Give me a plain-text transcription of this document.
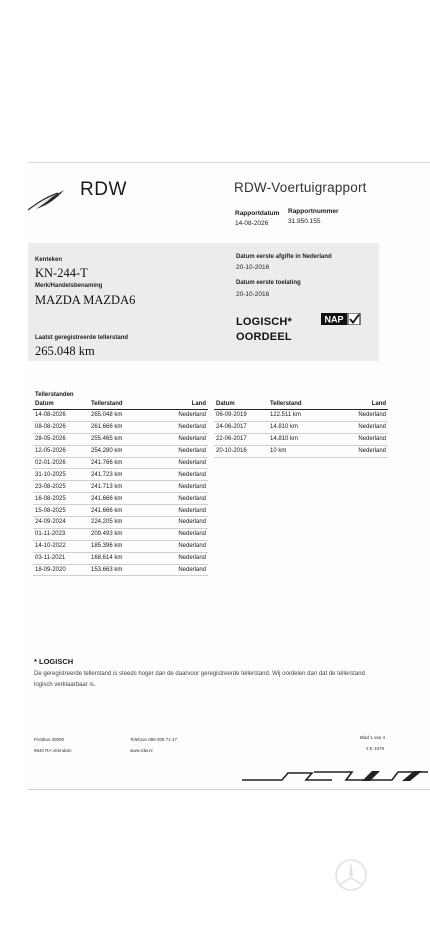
RDW	RDW-Voertuigrapport
Rapportdatum
14-08-2026
Rapportnummer
31.950.155
Kenteken
KN-244-T
Merk/Handelsbenaming
MAZDA MAZDA6
Laatst geregistreerde tellerstand
265.048 km
Datum eerste afgifte in Nederland
20-10-2016
Datum eerste toelating
20-10-2016
LOGISCH*
OORDEEL
NAP
Tellerstanden
Datum	Tellerstand	Land
14-08-2026	265.048 km	Nederland
08-08-2026	261.666 km	Nederland
28-05-2026	255.465 km	Nederland
12-05-2026	254.280 km	Nederland
02-01-2026	241.766 km	Nederland
31-10-2025	241.723 km	Nederland
23-08-2025	241.713 km	Nederland
16-08-2025	241.666 km	Nederland
15-08-2025	241.666 km	Nederland
24-09-2024	224.205 km	Nederland
01-11-2023	209.493 km	Nederland
14-10-2022	185.396 km	Nederland
03-11-2021	168.614 km	Nederland
18-09-2020	153.663 km	Nederland
Datum	Tellerstand	Land
06-09-2019	122.511 km	Nederland
24-06-2017	14.810 km	Nederland
22-06-2017	14.810 km	Nederland
20-10-2016	10 km	Nederland
* LOGISCH
De geregistreerde tellerstand is steeds hoger dan de daarvoor geregistreerde tellerstand. Wij oordelen dan dat de tellerstand logisch verklaarbaar is.
Postbus 30000
9640 RA Veendam
Telefoon 088 008 74 47
www.rdw.nl
Blad 1 van 4
3 E 1679
